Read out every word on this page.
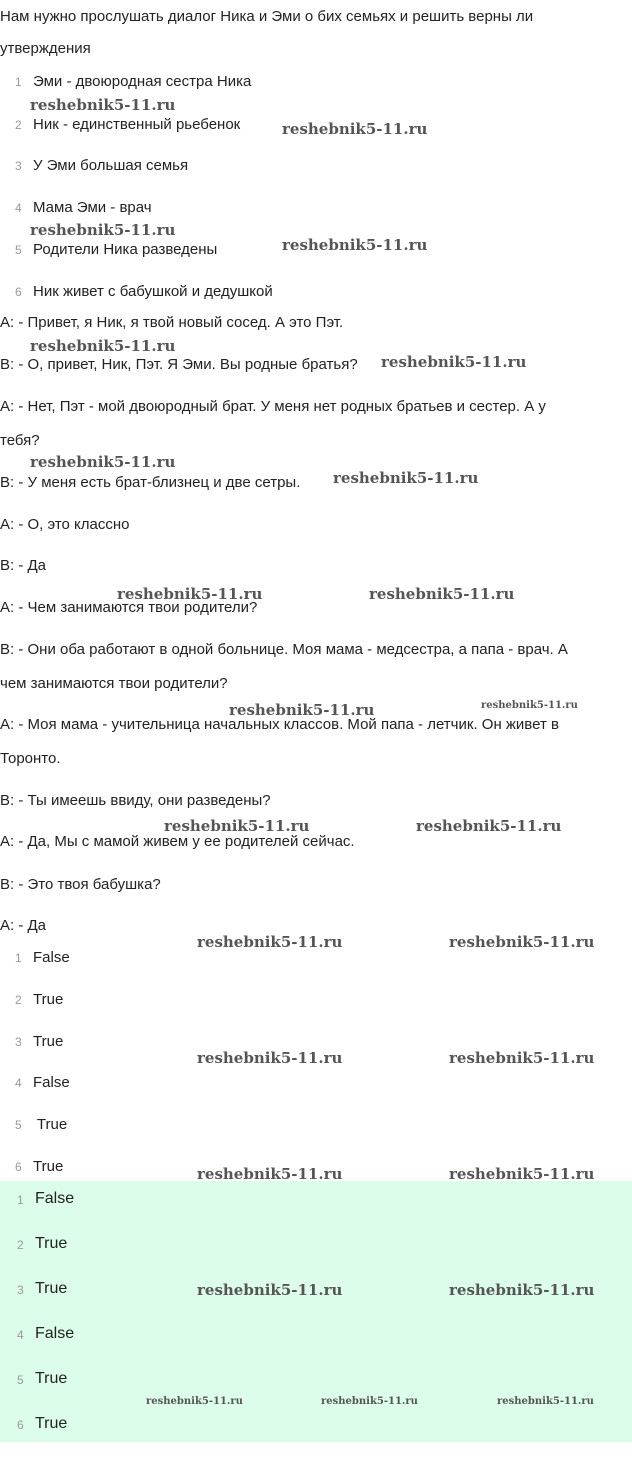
Нам нужно прослушать диалог Ника и Эми о бих семьях и решить верны ли
утверждения
1 Эми - двоюродная сестра Ника
2 Ник - единственный рьебенок
3 У Эми большая семья
4 Мама Эми - врач
5 Родители Ника разведены
6 Ник живет с бабушкой и дедушкой
A: - Привет, я Ник, я твой новый сосед. А это Пэт.
B: - О, привет, Ник, Пэт. Я Эми. Вы родные братья?
A: - Нет, Пэт - мой двоюродный брат. У меня нет родных братьев и сестер. А у
тебя?
B: - У меня есть брат-близнец и две сетры.
A: - О, это классно
B: - Да
A: - Чем занимаются твои родители?
B: - Они оба работают в одной больнице. Моя мама - медсестра, а папа - врач. А
чем занимаются твои родители?
A: - Моя мама - учительница начальных классов. Мой папа - летчик. Он живет в
Торонто.
B: - Ты имеешь ввиду, они разведены?
A: - Да, Мы с мамой живем у ее родителей сейчас.
B: - Это твоя бабушка?
A: - Да
1 False
2 True
3 True
4 False
5 True
6 True
1 False
2 True
3 True
4 False
5 True
6 True
reshebnik5-11.ru
reshebnik5-11.ru
reshebnik5-11.ru
reshebnik5-11.ru
reshebnik5-11.ru
reshebnik5-11.ru
reshebnik5-11.ru
reshebnik5-11.ru
reshebnik5-11.ru	reshebnik5-11.ru
reshebnik5-11.ru	reshebnik5-11.ru
reshebnik5-11.ru	reshebnik5-11.ru
reshebnik5-11.ru	reshebnik5-11.ru
reshebnik5-11.ru	reshebnik5-11.ru
reshebnik5-11.ru	reshebnik5-11.ru
reshebnik5-11.ru	reshebnik5-11.ru
reshebnik5-11.ru	reshebnik5-11.ru	reshebnik5-11.ru
